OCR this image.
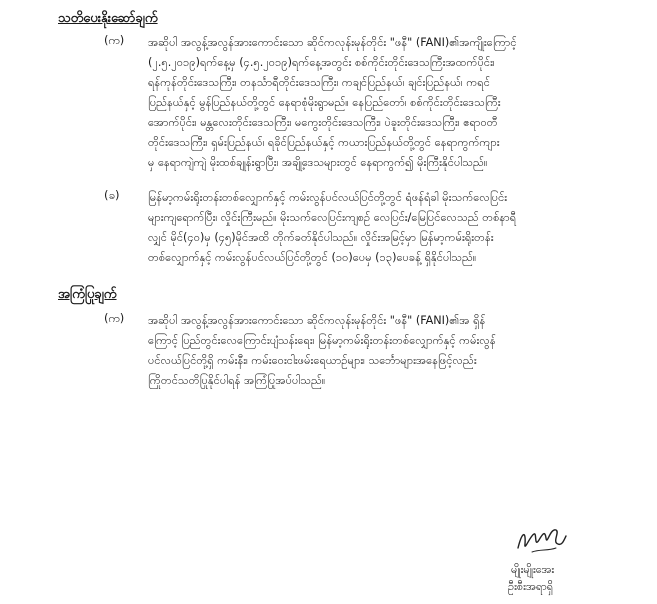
သတိပေးနိုးဆော်ချက်
(က) အဆိုပါ အလွန့်အလွန်အားကောင်းသော ဆိုင်ကလုန်းမုန်တိုင်း "ဖနီ" (FANI)၏အကျိုးကြောင့်
(၂.၅.၂၀၁၉)ရက်နေ့မှ (၄.၅.၂၀၁၉)ရက်နေ့အတွင်း စစ်ကိုင်းတိုင်းဒေသကြီးအထက်ပိုင်း၊
ရန်ကုန်တိုင်းဒေသကြီး၊ တနင်္သာရီတိုင်းဒေသကြီး၊ ကချင်ပြည်နယ်၊ ချင်းပြည်နယ်၊ ကရင်
ပြည်နယ်နှင့် မွန်ပြည်နယ်တို့တွင် နေရာစုံမိုးရွာမည်။ နေပြည်တော်၊ စစ်ကိုင်းတိုင်းဒေသကြီး
အောက်ပိုင်း၊ မန္တလေးတိုင်းဒေသကြီး၊ မကွေးတိုင်းဒေသကြီး၊ ပဲခူးတိုင်းဒေသကြီး၊ ဧရာဝတီ
တိုင်းဒေသကြီး၊ ရှမ်းပြည်နယ်၊ ရခိုင်ပြည်နယ်နှင့် ကယားပြည်နယ်တို့တွင် နေရာကွက်ကျား
မှ နေရာကျဲကျဲ မိုးထစ်ချုန်းရွာပြီး၊ အချို့ဒေသများတွင် နေရာကွက်၍ မိုးကြီးနိုင်ပါသည်။
(ခ)	မြန်မာ့ကမ်းရိုးတန်းတစ်လျှောက်နှင့် ကမ်းလွန်ပင်လယ်ပြင်တို့တွင် ရံဖန်ရံခါ မိုးသက်လေပြင်း
များကျရောက်ပြီး၊ လှိုင်းကြီးမည်။ မိုးသက်လေပြင်းကျစဉ် လေပြင်း/မြေပြင်လေသည် တစ်နာရီ
လျှင် မိုင်(၄၀)မှ (၄၅)မိုင်အထိ တိုက်ခတ်နိုင်ပါသည်။ လှိုင်းအမြင့်မှာ မြန်မာ့ကမ်းရိုးတန်း
တစ်လျှောက်နှင့် ကမ်းလွန်ပင်လယ်ပြင်တို့တွင် (၁၀)ပေမှ (၁၃)ပေခန့် ရှိနိုင်ပါသည်။
အကြံပြုချက်
(က) အဆိုပါ အလွန့်အလွန်အားကောင်းသော ဆိုင်ကလုန်းမုန်တိုင်း "ဖနီ" (FANI)၏အ ရှိန်
ကြောင့် ပြည်တွင်းလေကြောင်းပျံသန်းရေး၊ မြန်မာ့ကမ်းရိုးတန်းတစ်လျှောက်နှင့် ကမ်းလွန်
ပင်လယ်ပြင်တို့ရှိ ကမ်းနီး၊ ကမ်းဝေးငါးဖမ်းရေယာဉ်များ၊ သင်္ဘောများအနေဖြင့်လည်း
ကြိုတင်သတိပြုနိုင်ပါရန် အကြံပြုအပ်ပါသည်။
မျိုးမျိုးအေး
ဦးစီးအရာရှိ
